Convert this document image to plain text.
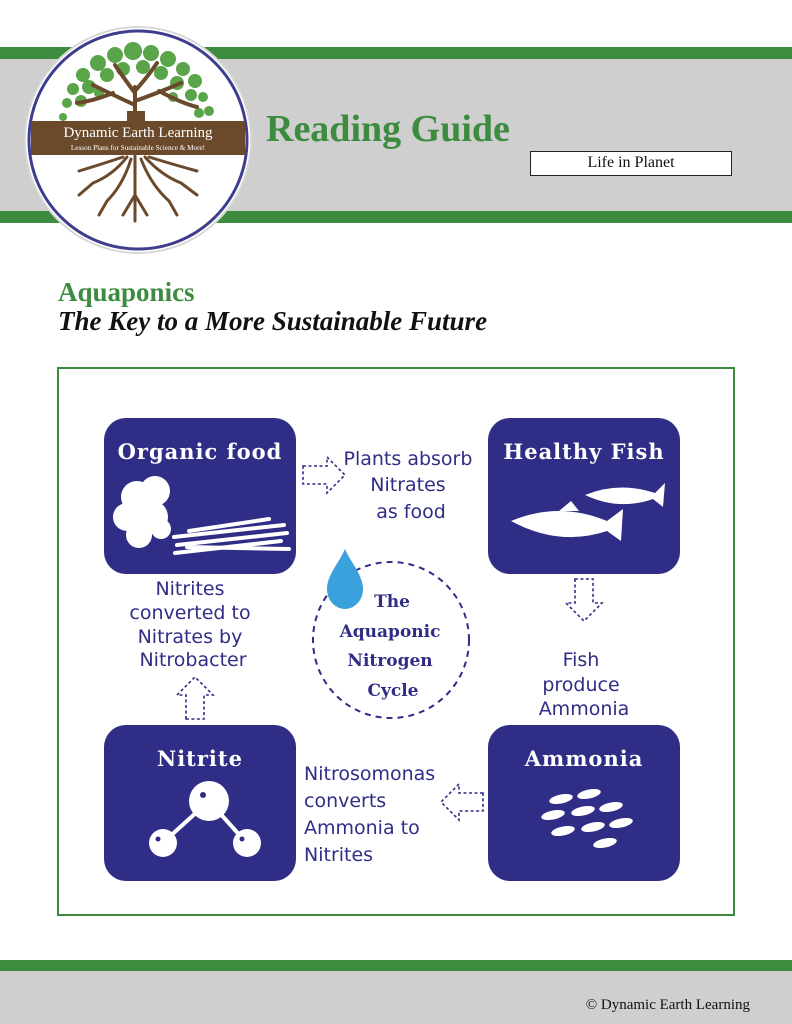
Dynamic Earth Learning
Lesson Plans for Sustainable Science & More! Reading Guide
Life in Planet
Aquaponics
The Key to a More Sustainable Future
Organic food	Healthy Fish
Nitrite	Ammonia
Plants absorb Nitrates as food
Nitrites converted to Nitrates by Nitrobacter	Fish produce Ammonia
Nitrosomonas converts Ammonia to Nitrites
The Aquaponic Nitrogen Cycle
© Dynamic Earth Learning
